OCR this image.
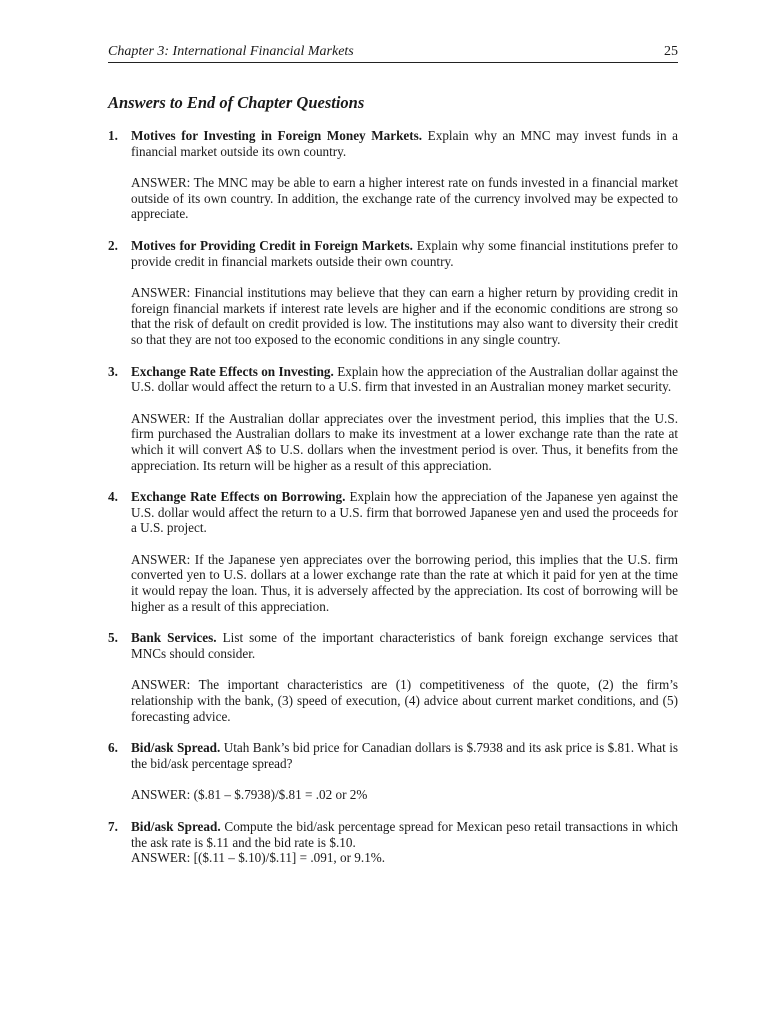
Chapter 3: International Financial Markets	25
Answers to End of Chapter Questions
1. Motives for Investing in Foreign Money Markets. Explain why an MNC may invest funds in a financial market outside its own country.

ANSWER: The MNC may be able to earn a higher interest rate on funds invested in a financial market outside of its own country. In addition, the exchange rate of the currency involved may be expected to appreciate.

2. Motives for Providing Credit in Foreign Markets. Explain why some financial institutions prefer to provide credit in financial markets outside their own country.

ANSWER: Financial institutions may believe that they can earn a higher return by providing credit in foreign financial markets if interest rate levels are higher and if the economic conditions are strong so that the risk of default on credit provided is low. The institutions may also want to diversity their credit so that they are not too exposed to the economic conditions in any single country.

3. Exchange Rate Effects on Investing. Explain how the appreciation of the Australian dollar against the U.S. dollar would affect the return to a U.S. firm that invested in an Australian money market security.

ANSWER: If the Australian dollar appreciates over the investment period, this implies that the U.S. firm purchased the Australian dollars to make its investment at a lower exchange rate than the rate at which it will convert A$ to U.S. dollars when the investment period is over. Thus, it benefits from the appreciation. Its return will be higher as a result of this appreciation.

4. Exchange Rate Effects on Borrowing. Explain how the appreciation of the Japanese yen against the U.S. dollar would affect the return to a U.S. firm that borrowed Japanese yen and used the proceeds for a U.S. project.

ANSWER: If the Japanese yen appreciates over the borrowing period, this implies that the U.S. firm converted yen to U.S. dollars at a lower exchange rate than the rate at which it paid for yen at the time it would repay the loan. Thus, it is adversely affected by the appreciation. Its cost of borrowing will be higher as a result of this appreciation.

5. Bank Services. List some of the important characteristics of bank foreign exchange services that MNCs should consider.

ANSWER: The important characteristics are (1) competitiveness of the quote, (2) the firm’s relationship with the bank, (3) speed of execution, (4) advice about current market conditions, and (5) forecasting advice.

6. Bid/ask Spread. Utah Bank’s bid price for Canadian dollars is $.7938 and its ask price is $.81. What is the bid/ask percentage spread?

ANSWER: ($.81 – $.7938)/$.81 = .02 or 2%

7. Bid/ask Spread. Compute the bid/ask percentage spread for Mexican peso retail transactions in which the ask rate is $.11 and the bid rate is $.10.

ANSWER: [($.11 – $.10)/$.11] = .091, or 9.1%.
